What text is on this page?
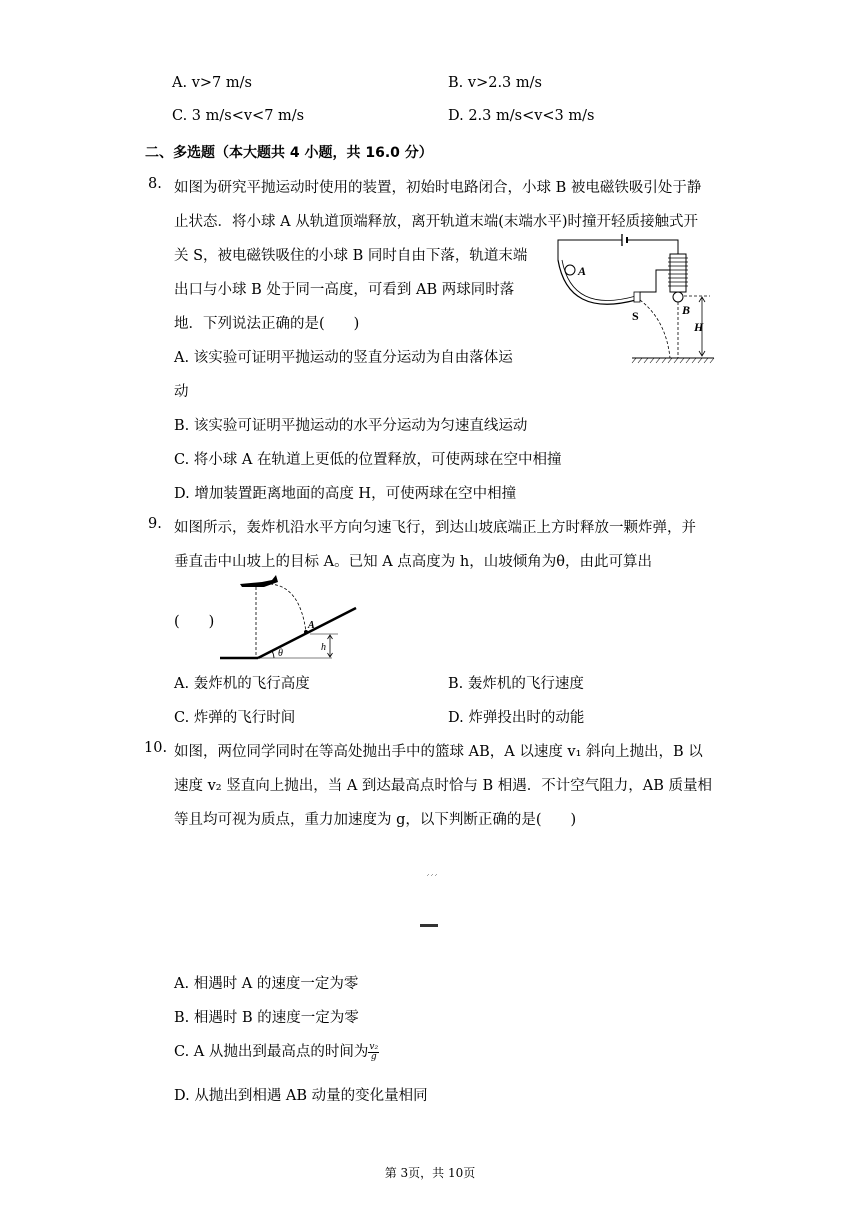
A. v>7 m/s	B. v>2.3 m/s
C. 3 m/s<v<7 m/s	D. 2.3 m/s<v<3 m/s
二、多选题（本大题共 4 小题，共 16.0 分）
8. 如图为研究平抛运动时使用的装置，初始时电路闭合，小球 B 被电磁铁吸引处于静
止状态．将小球 A 从轨道顶端释放，离开轨道末端(末端水平)时撞开轻质接触式开
关 S，被电磁铁吸住的小球 B 同时自由下落，轨道末端
出口与小球 B 处于同一高度，可看到 AB 两球同时落
地．下列说法正确的是(　　)
A. 该实验可证明平抛运动的竖直分运动为自由落体运
动
B. 该实验可证明平抛运动的水平分运动为匀速直线运动
C. 将小球 A 在轨道上更低的位置释放，可使两球在空中相撞
D. 增加装置距离地面的高度 H，可使两球在空中相撞
A
S	B
H
9. 如图所示，轰炸机沿水平方向匀速飞行，到达山坡底端正上方时释放一颗炸弹，并
垂直击中山坡上的目标 A。已知 A 点高度为 h，山坡倾角为θ，由此可算出
(　　)
θ
A
h
A. 轰炸机的飞行高度	B. 轰炸机的飞行速度
C. 炸弹的飞行时间	D. 炸弹投出时的动能
10. 如图，两位同学同时在等高处抛出手中的篮球 AB，A 以速度 v₁ 斜向上抛出，B 以
速度 v₂ 竖直向上抛出，当 A 到达最高点时恰与 B 相遇．不计空气阻力，AB 质量相
等且均可视为质点，重力加速度为 g，以下判断正确的是(　　)
A. 相遇时 A 的速度一定为零
B. 相遇时 B 的速度一定为零
C. A 从抛出到最高点的时间为 $\frac{\text{v₂}}{g}$
D. 从抛出到相遇 AB 动量的变化量相同
第 3页，共 10页
